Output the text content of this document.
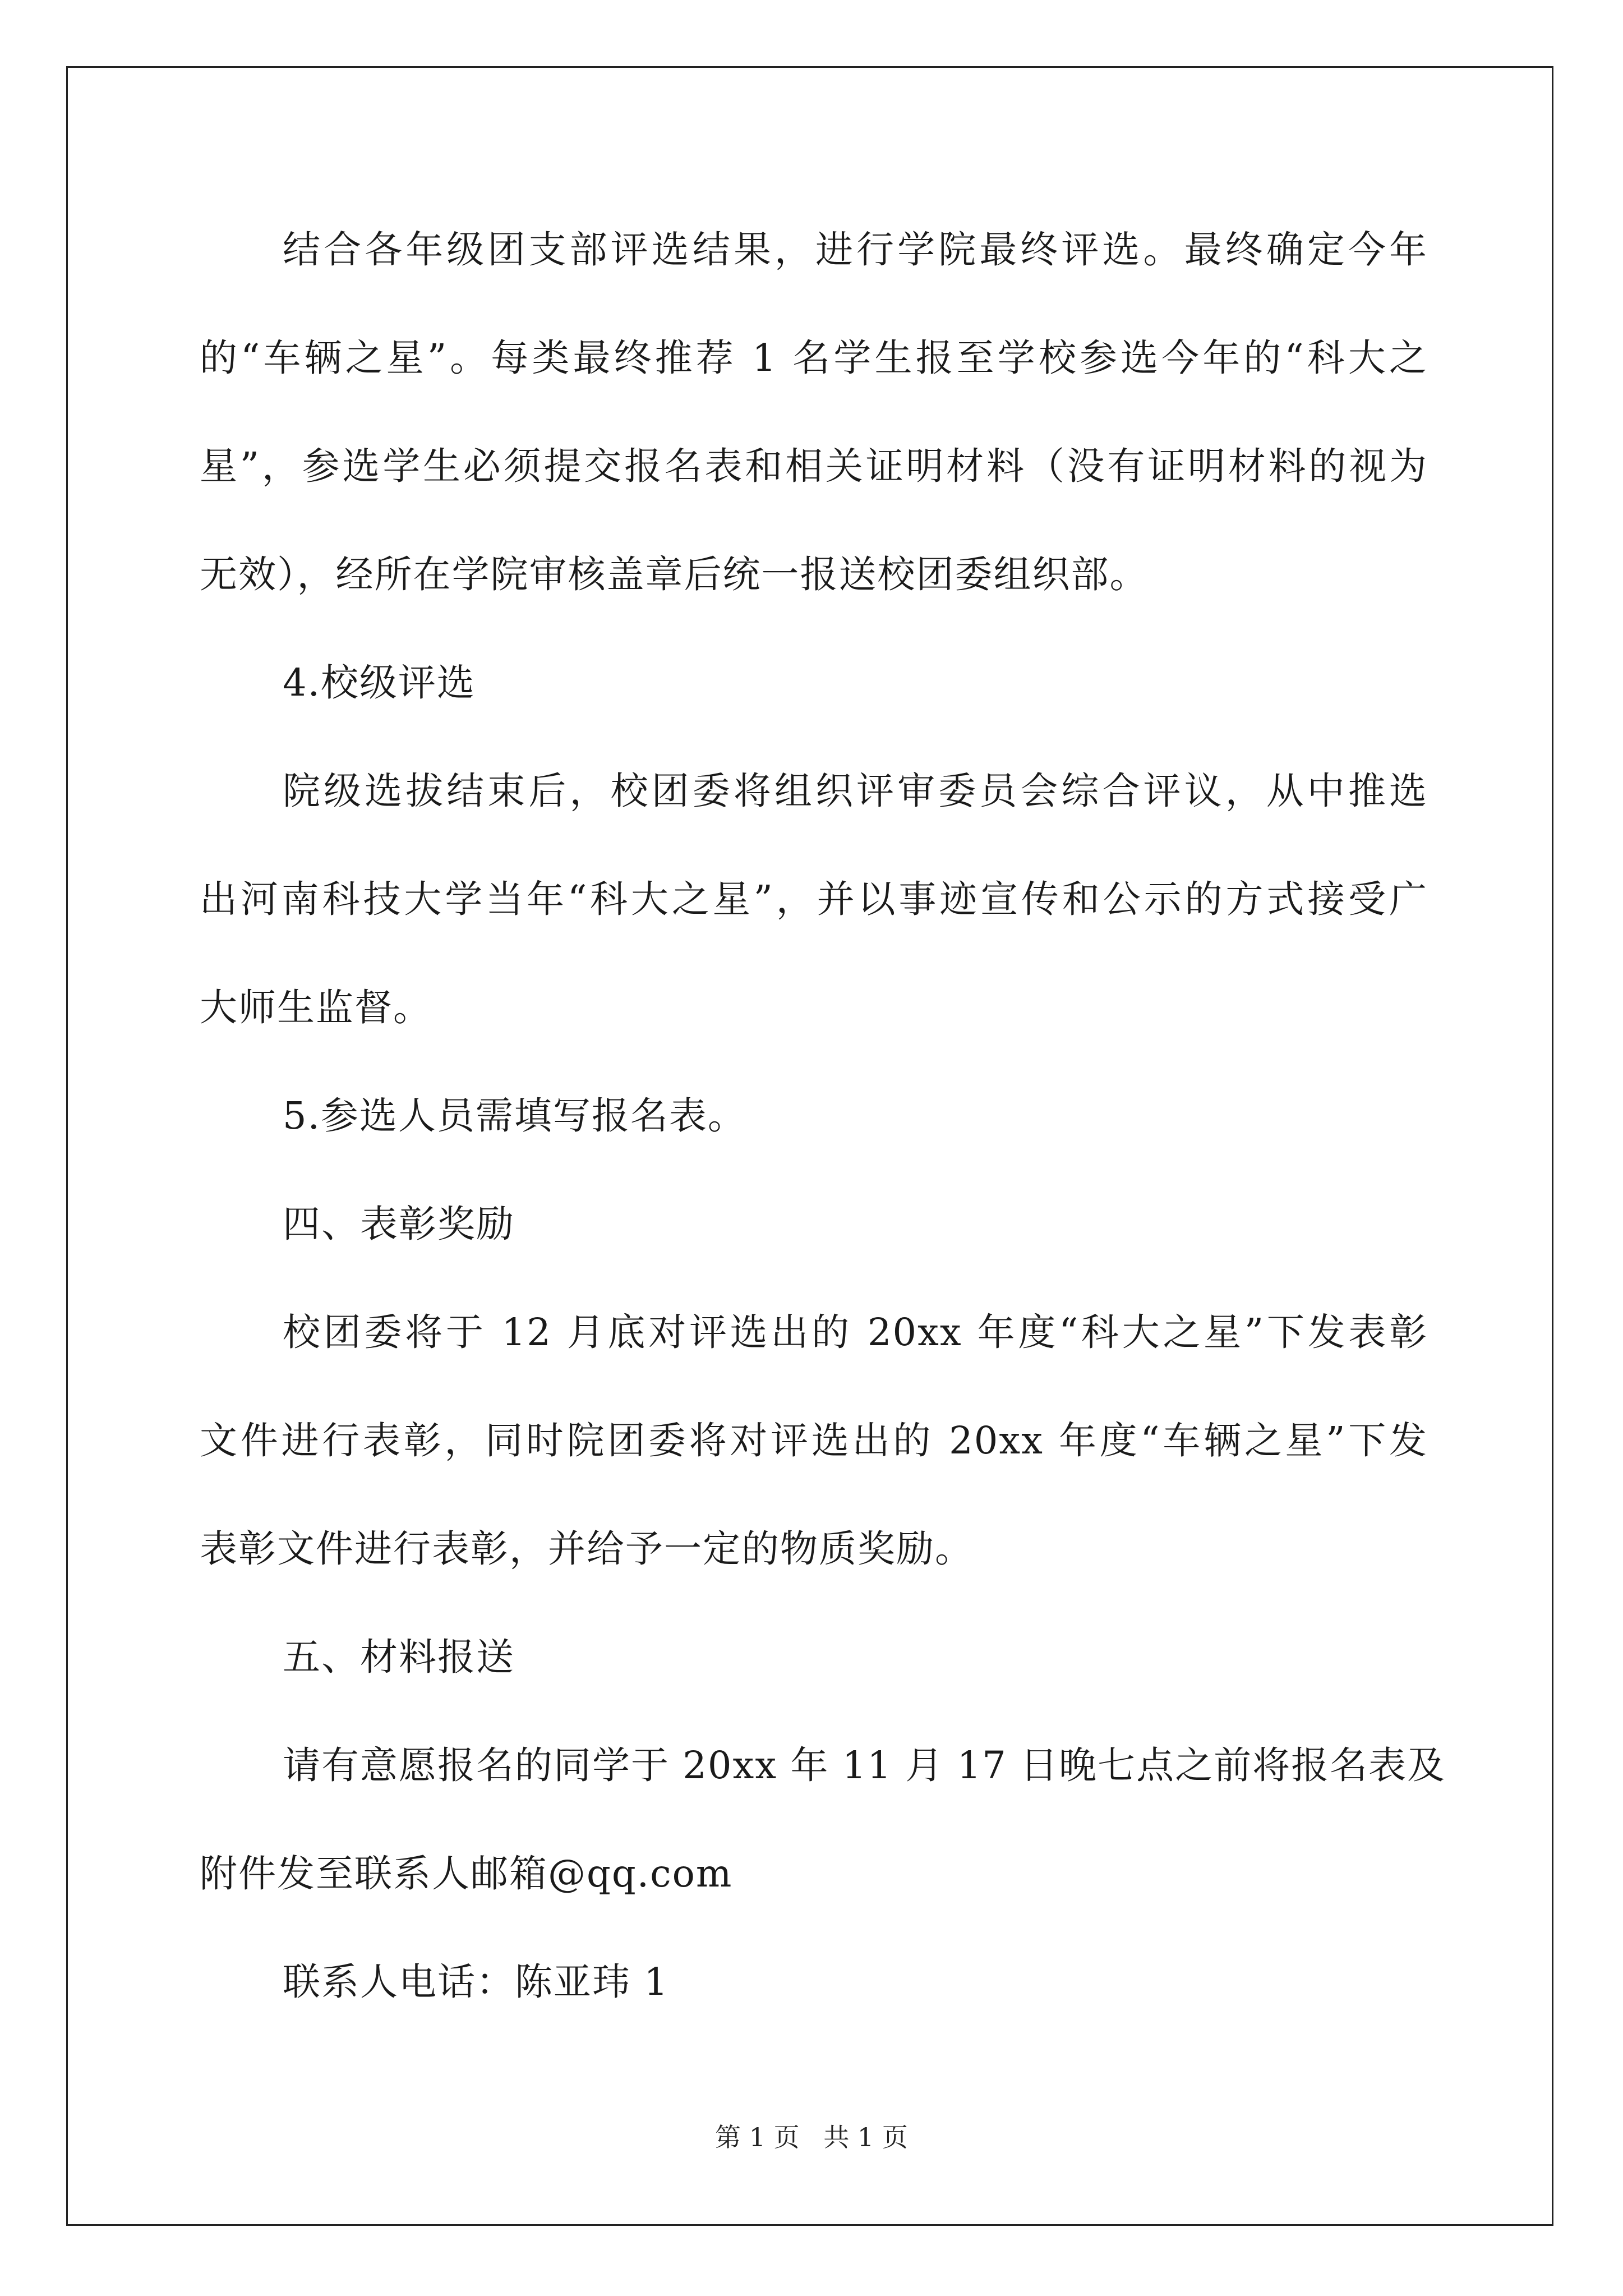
结合各年级团支部评选结果，进行学院最终评选。最终确定今年
的“车辆之星”。每类最终推荐 1 名学生报至学校参选今年的“科大之
星”，参选学生必须提交报名表和相关证明材料（没有证明材料的视为
无效），经所在学院审核盖章后统一报送校团委组织部。
4.校级评选
院级选拔结束后，校团委将组织评审委员会综合评议，从中推选
出河南科技大学当年“科大之星”，并以事迹宣传和公示的方式接受广
大师生监督。
5.参选人员需填写报名表。
四、表彰奖励
校团委将于 12 月底对评选出的 20xx 年度“科大之星”下发表彰
文件进行表彰，同时院团委将对评选出的 20xx 年度“车辆之星”下发
表彰文件进行表彰，并给予一定的物质奖励。
五、材料报送
请有意愿报名的同学于 20xx 年 11 月 17 日晚七点之前将报名表及
附件发至联系人邮箱@qq.com
联系人电话：陈亚玮 1
第 1 页 共 1 页
